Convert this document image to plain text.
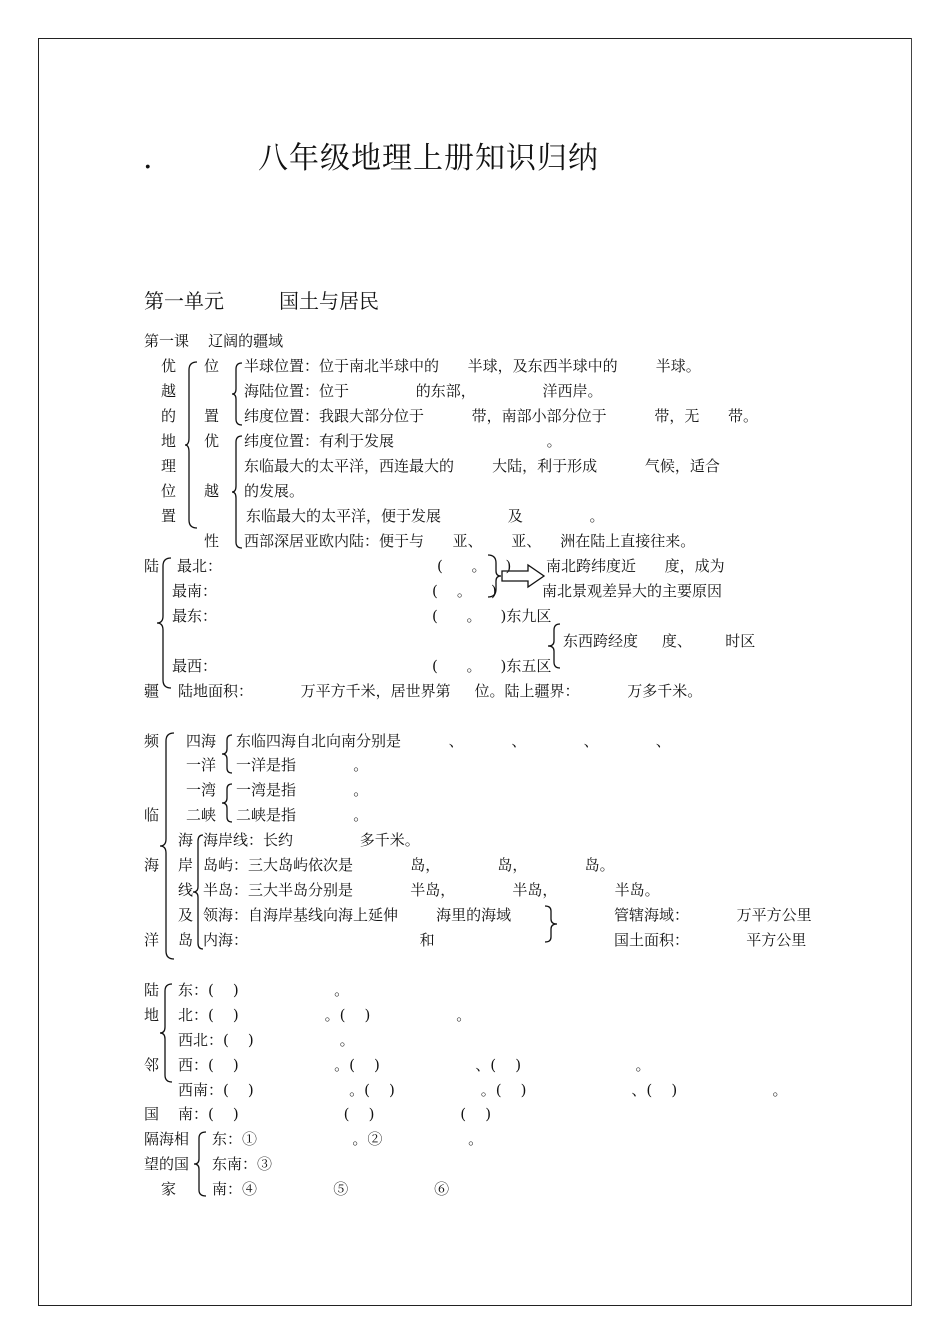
.	八年级地理上册知识归纳
第一单元	国土与居民
第一课    辽阔的疆域
优
越
的
地
理
位
置
位
置
优
越
性
半球位置：位于南北半球中的      半球，及东西半球中的        半球。
海陆位置：位于              的东部，              洋西岸。
纬度位置：我跟大部分位于          带，南部小部分位于          带，无      带。
纬度位置：有利于发展                                。
东临最大的太平洋，西连最大的        大陆，利于形成          气候，适合
的发展。
东临最大的太平洋，便于发展              及              。
西部深居亚欧内陆：便于与      亚、      亚、    洲在陆上直接往来。
陆
疆
最北：
最南：
最东：
最西：
(      。    )
(    。    )
(      。    )东九区
(      。    )东五区
南北跨纬度近      度，成为
南北景观差异大的主要原因
东西跨经度     度、       时区
陆地面积：          万平方千米，居世界第     位。陆上疆界：          万多千米。
频
临
海
洋
四海
一洋
一湾
二峡
东临四海自北向南分别是          、          、            、            、
一洋是指            。
一湾是指            。
二峡是指            。
海
岸
线
及
岛
海岸线：长约              多千米。
岛屿：三大岛屿依次是            岛，            岛，            岛。
半岛：三大半岛分别是            半岛，            半岛，            半岛。
领海：自海岸基线向海上延伸        海里的海域
内海：                                    和
管辖海域：          万平方公里
国土面积：            平方公里
陆
地
邻
国
东：(    )                    。
北：(    )                  。(    )                  。
西北：(    )                  。
西：(    )                    。(    )                    、(    )                        。
西南：(    )                    。(    )                  。(    )                      、(    )                    。
南：(    )                      (    )                  (    )
隔海相
望的国
家
东：①                    。②                  。
东南：③
南：④                ⑤                  ⑥
